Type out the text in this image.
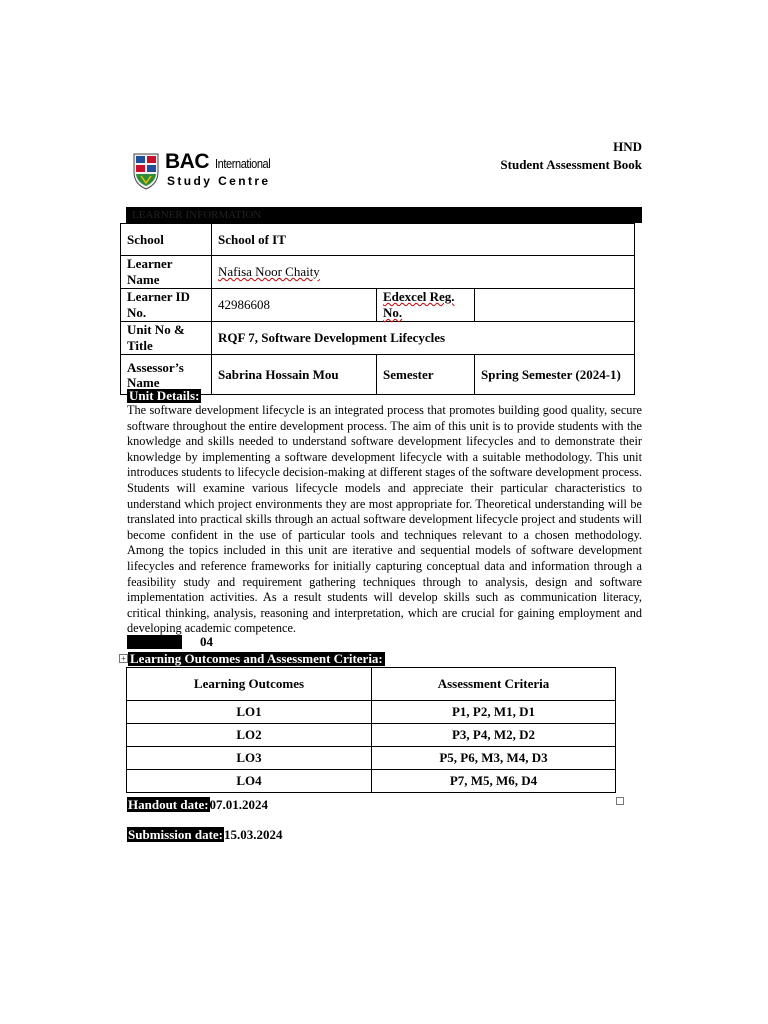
HND
Student Assessment Book
BAC International
Study Centre
LEARNER INFORMATION
School	School of IT		
Learner Name	Nafisa Noor Chaity		
Learner ID No.	42986608	Edexcel Reg. No.	
Unit No & Title	RQF 7, Software Development Lifecycles		
Assessor’s Name	Sabrina Hossain Mou	Semester	Spring Semester (2024-1)
Unit Details:
The software development lifecycle is an integrated process that promotes building good quality, secure software throughout the entire development process. The aim of this unit is to provide students with the knowledge and skills needed to understand software development lifecycles and to demonstrate their knowledge by implementing a software development lifecycle with a suitable methodology. This unit introduces students to lifecycle decision-making at different stages of the software development process. Students will examine various lifecycle models and appreciate their particular characteristics to understand which project environments they are most appropriate for. Theoretical understanding will be translated into practical skills through an actual software development lifecycle project and students will become confident in the use of particular tools and techniques relevant to a chosen methodology. Among the topics included in this unit are iterative and sequential models of software development lifecycles and reference frameworks for initially capturing conceptual data and information through a feasibility study and requirement gathering techniques through to analysis, design and software implementation activities. As a result students will develop skills such as communication literacy, critical thinking, analysis, reasoning and interpretation, which are crucial for gaining employment and developing academic competence.
04
+ Learning Outcomes and Assessment Criteria:
Learning Outcomes	Assessment Criteria
LO1	P1, P2, M1, D1
LO2	P3, P4, M2, D2
LO3	P5, P6, M3, M4, D3
LO4	P7, M5, M6, D4
Handout date:07.01.2024
Submission date:15.03.2024
